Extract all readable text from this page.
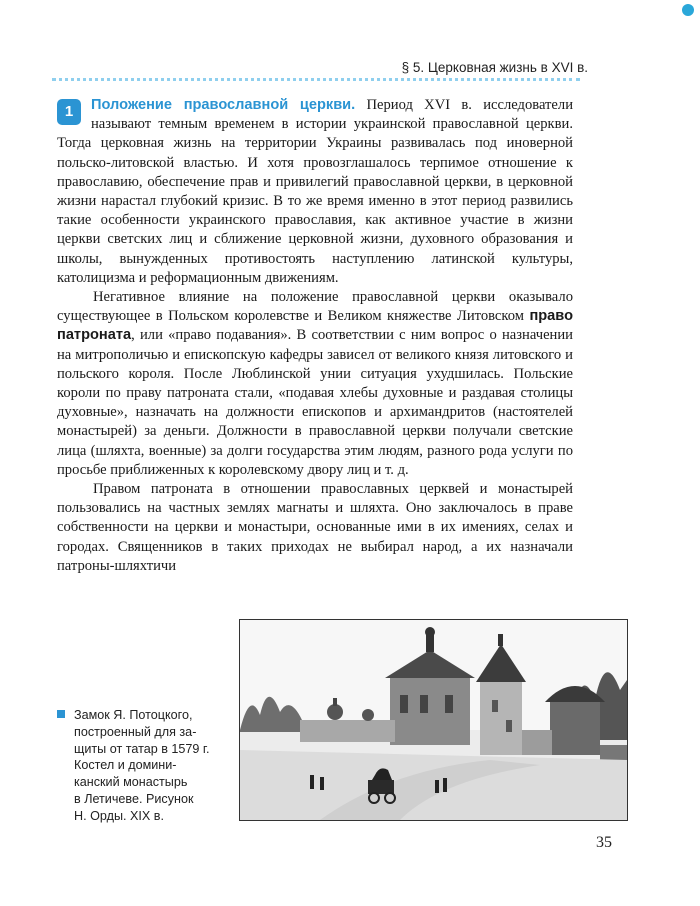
§ 5. Церковная жизнь в XVI в.

1	Положение православной церкви. Период XVI в. исследователи называют темным временем в истории украинской православной церкви. Тогда церковная жизнь на территории Украины развивалась под иноверной польско-литовской властью. И хотя провозглашалось терпимое отношение к православию, обеспечение прав и привилегий православной церкви, в церковной жизни нарастал глубокий кризис. В то же время именно в этот период развились такие особенности украинского православия, как активное участие в жизни церкви светских лиц и сближение церковной жизни, духовного образования и школы, вынужденных противостоять наступлению латинской культуры, католицизма и реформационным движениям.

Негативное влияние на положение православной церкви оказывало существующее в Польском королевстве и Великом княжестве Литовском право патроната, или «право подавания». В соответствии с ним вопрос о назначении на митрополичью и епископскую кафедры зависел от великого князя литовского и польского короля. После Люблинской унии ситуация ухудшилась. Польские короли по праву патроната стали, «подавая хлебы духовные и раздавая столицы духовные», назначать на должности епископов и архимандритов (настоятелей монастырей) за деньги. Должности в православной церкви получали светские лица (шляхта, военные) за долги государства этим людям, разного рода услуги по просьбе приближенных к королевскому двору лиц и т. д.

Правом патроната в отношении православных церквей и монастырей пользовались на частных землях магнаты и шляхта. Оно заключалось в праве собственности на церкви и монастыри, основанные ими в их имениях, селах и городах. Священников в таких приходах не выбирал народ, а их назначали патроны-шляхтичи

Замок Я. Потоцкого,
построенный для за-
щиты от татар в 1579 г.
Костел и домини-
канский монастырь
в Летичеве. Рисунок
Н. Орды. XIX в.
35
